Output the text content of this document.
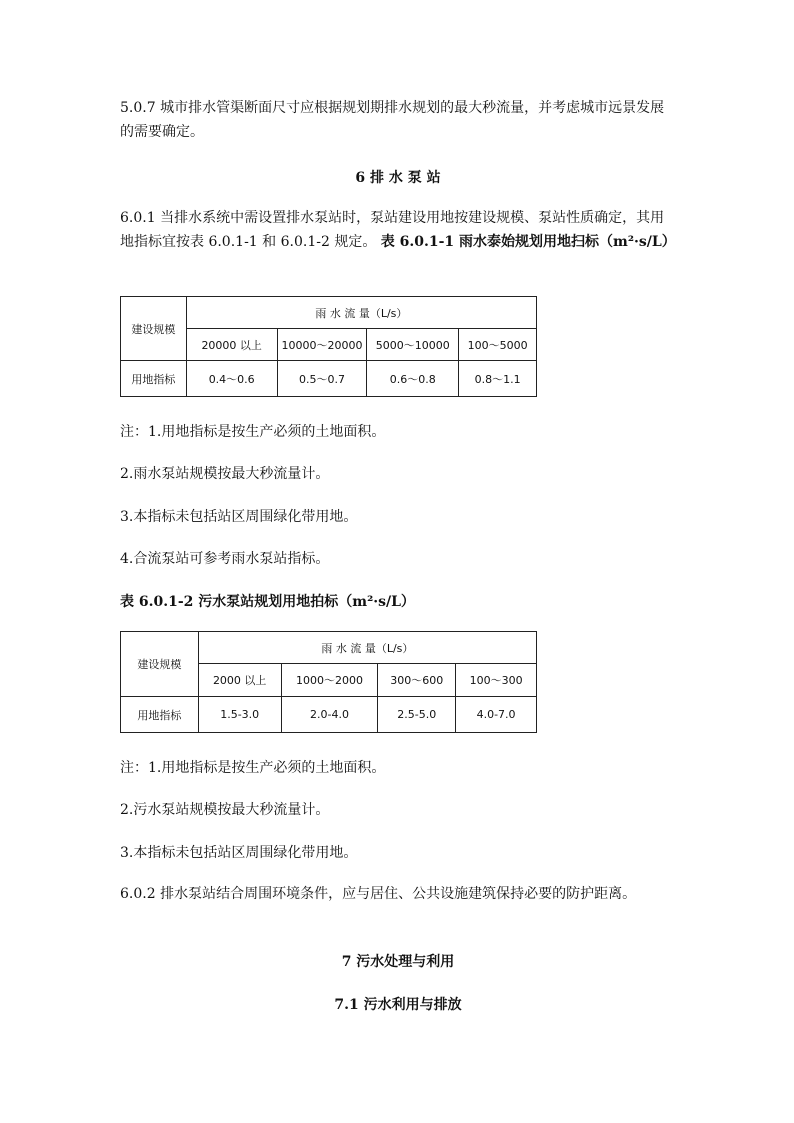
5.0.7 城市排水管渠断面尺寸应根据规划期排水规划的最大秒流量，并考虑城市远景发展的需要确定。

6 排 水 泵 站

6.0.1 当排水系统中需设置排水泵站时，泵站建设用地按建设规模、泵站性质确定，其用地指标宜按表 6.0.1-1 和 6.0.1-2 规定。 表 6.0.1-1 雨水泰始规划用地扫标（m²·s/L）

建设规模	雨 水 流 量（L/s）			
	20000 以上	10000～20000	5000～10000	100～5000
用地指标	0.4～0.6	0.5～0.7	0.6～0.8	0.8～1.1

注：1.用地指标是按生产必须的土地面积。

2.雨水泵站规模按最大秒流量计。

3.本指标未包括站区周围绿化带用地。

4.合流泵站可参考雨水泵站指标。

表 6.0.1-2 污水泵站规划用地拍标（m²·s/L）

建设规模	雨 水 流 量（L/s）			
	2000 以上	1000～2000	300～600	100～300
用地指标	1.5-3.0	2.0-4.0	2.5-5.0	4.0-7.0

注：1.用地指标是按生产必须的土地面积。

2.污水泵站规模按最大秒流量计。

3.本指标未包括站区周围绿化带用地。

6.0.2 排水泵站结合周围环境条件，应与居住、公共设施建筑保持必要的防护距离。

7 污水处理与利用

7.1 污水利用与排放
